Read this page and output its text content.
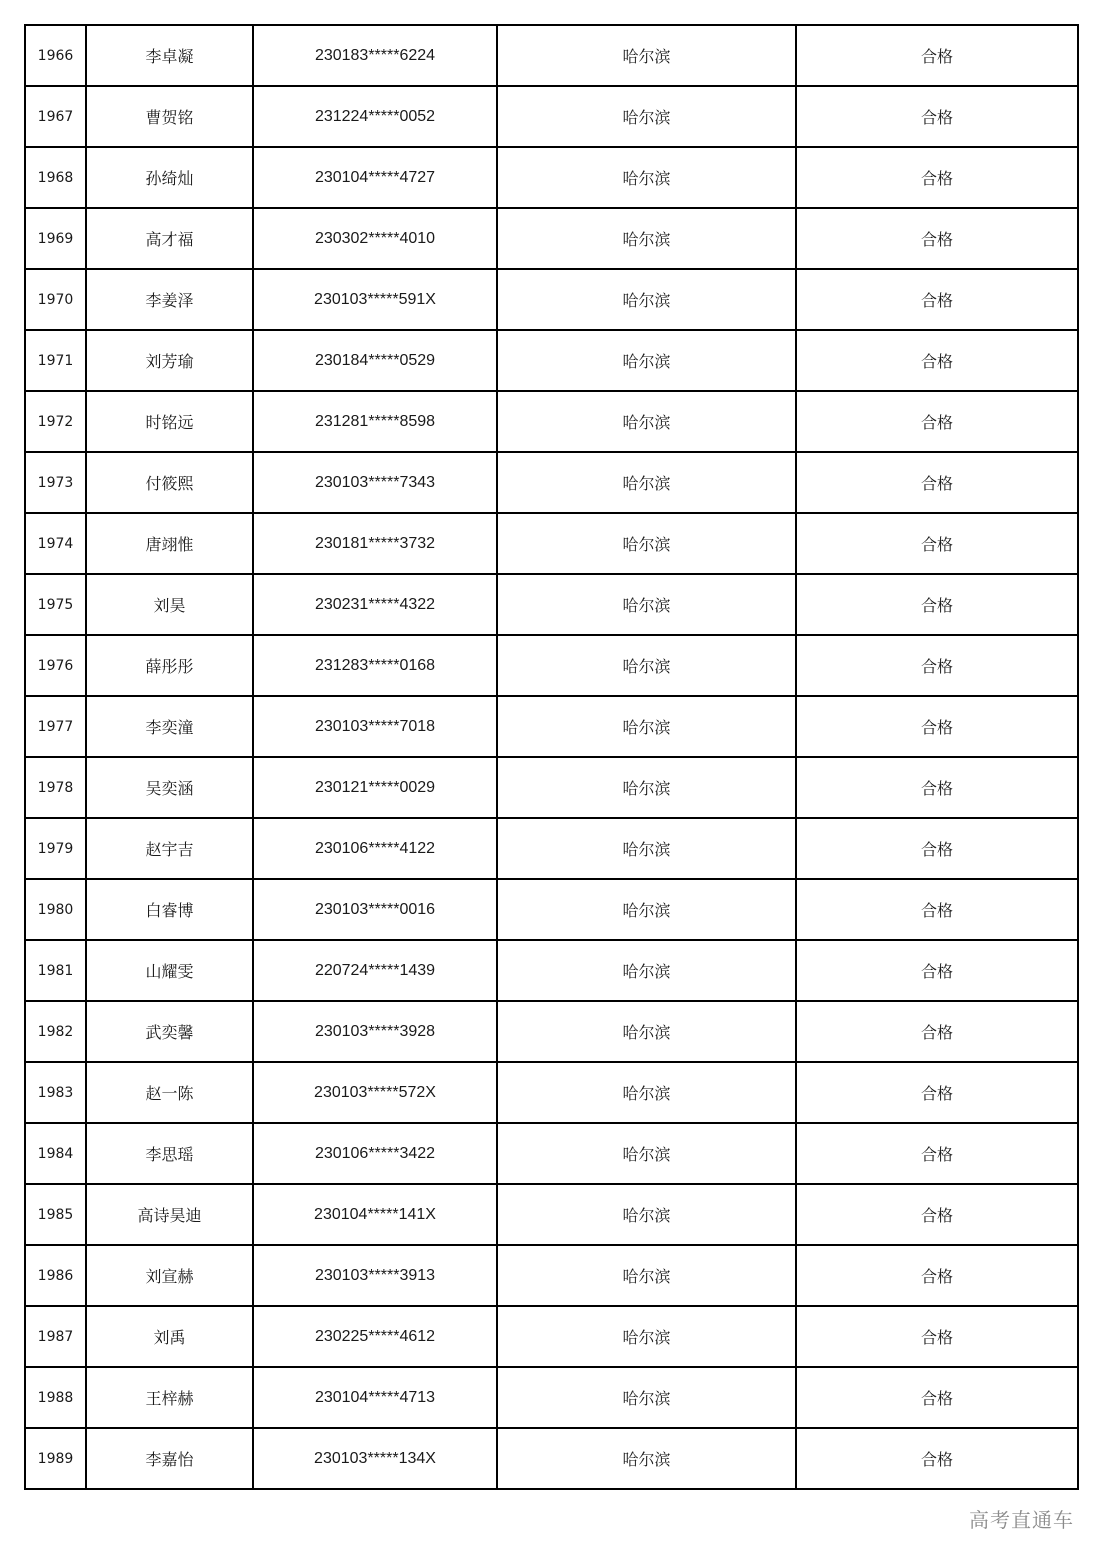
1966	李卓凝	230183*****6224	哈尔滨	合格
1967	曹贺铭	231224*****0052	哈尔滨	合格
1968	孙绮灿	230104*****4727	哈尔滨	合格
1969	高才福	230302*****4010	哈尔滨	合格
1970	李姜泽	230103*****591X	哈尔滨	合格
1971	刘芳瑜	230184*****0529	哈尔滨	合格
1972	时铭远	231281*****8598	哈尔滨	合格
1973	付筱熙	230103*****7343	哈尔滨	合格
1974	唐翊惟	230181*****3732	哈尔滨	合格
1975	刘昊	230231*****4322	哈尔滨	合格
1976	薛彤彤	231283*****0168	哈尔滨	合格
1977	李奕潼	230103*****7018	哈尔滨	合格
1978	吴奕涵	230121*****0029	哈尔滨	合格
1979	赵宇吉	230106*****4122	哈尔滨	合格
1980	白睿博	230103*****0016	哈尔滨	合格
1981	山耀雯	220724*****1439	哈尔滨	合格
1982	武奕馨	230103*****3928	哈尔滨	合格
1983	赵一陈	230103*****572X	哈尔滨	合格
1984	李思瑶	230106*****3422	哈尔滨	合格
1985	高诗昊迪	230104*****141X	哈尔滨	合格
1986	刘宣赫	230103*****3913	哈尔滨	合格
1987	刘禹	230225*****4612	哈尔滨	合格
1988	王梓赫	230104*****4713	哈尔滨	合格
1989	李嘉怡	230103*****134X	哈尔滨	合格
高考直通车
